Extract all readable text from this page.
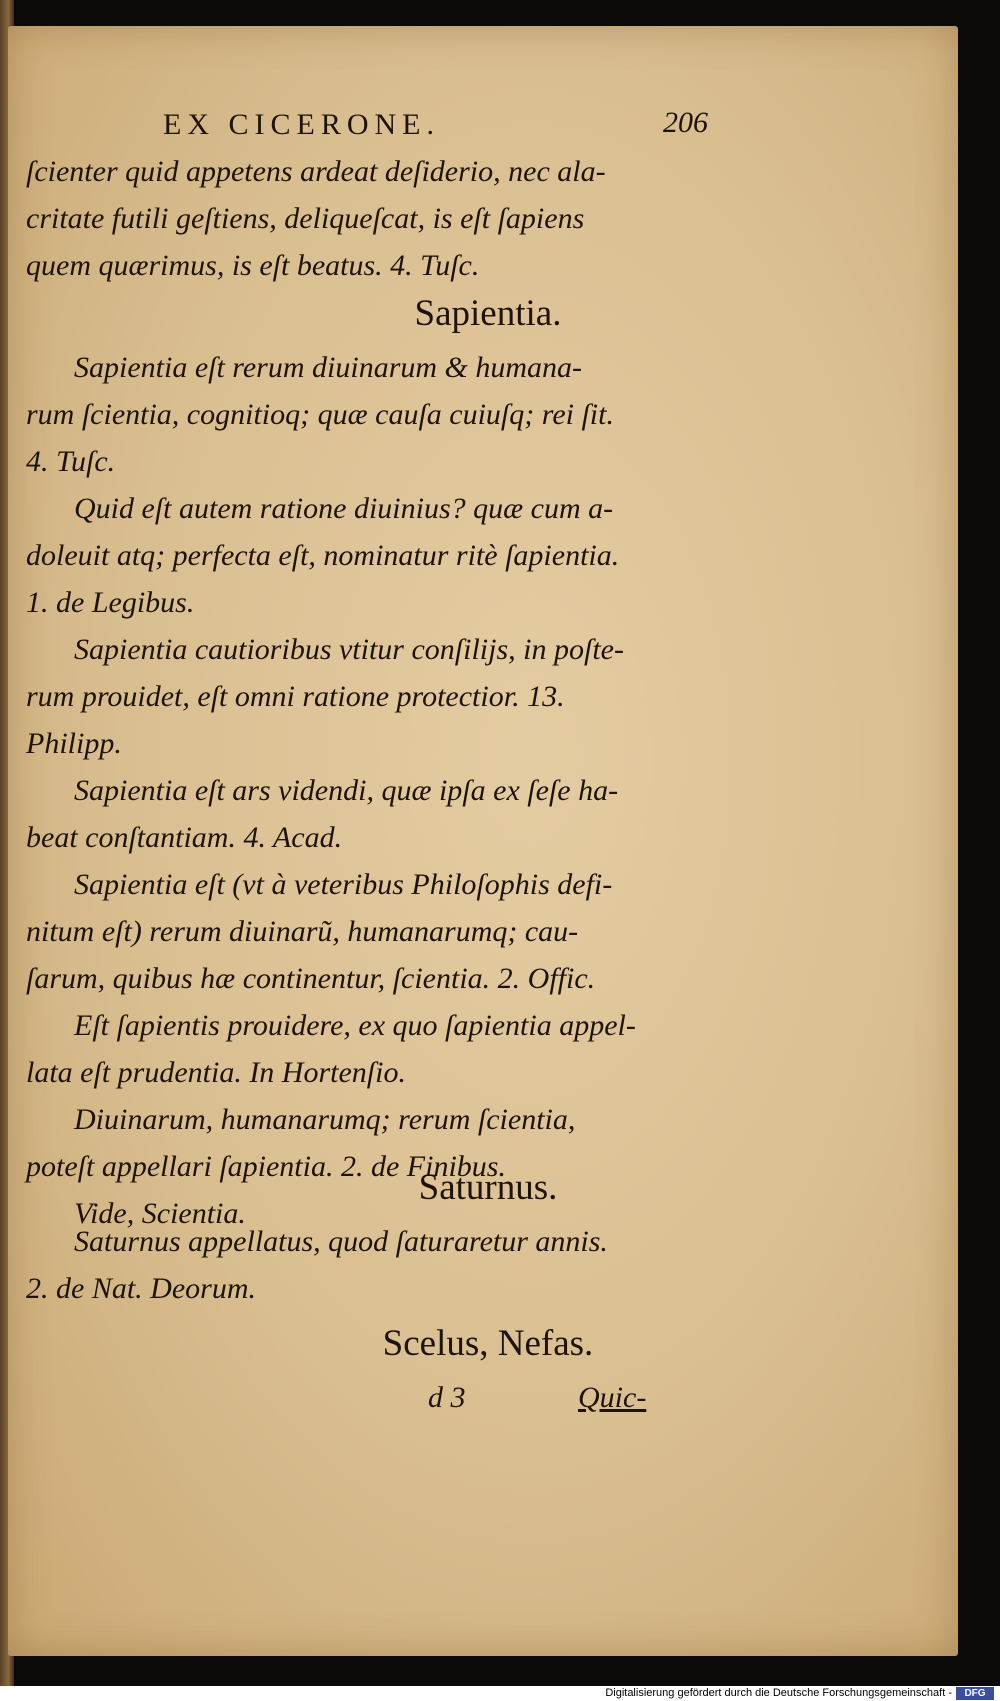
EX CICERONE.	206
ſcienter quid appetens ardeat deſiderio, nec ala-
critate futili geſtiens, deliqueſcat, is eſt ſapiens
quem quærimus, is eſt beatus. 4. Tuſc.
Sapientia.
Sapientia eſt rerum diuinarum & humana-
rum ſcientia, cognitioq; quæ cauſa cuiuſq; rei ſit.
4. Tuſc.
Quid eſt autem ratione diuinius? quæ cum a-
doleuit atq; perfecta eſt, nominatur ritè ſapientia.
1. de Legibus.
Sapientia cautioribus vtitur conſilijs, in poſte-
rum prouidet, eſt omni ratione protectior. 13.
Philipp.
Sapientia eſt ars videndi, quæ ipſa ex ſeſe ha-
beat conſtantiam. 4. Acad.
Sapientia eſt (vt à veteribus Philoſophis defi-
nitum eſt) rerum diuinarũ, humanarumq; cau-
ſarum, quibus hæ continentur, ſcientia. 2. Offic.
Eſt ſapientis prouidere, ex quo ſapientia appel-
lata eſt prudentia. In Hortenſio.
Diuinarum, humanarumq; rerum ſcientia,
poteſt appellari ſapientia. 2. de Finibus.
Vide, Scientia.
Saturnus.
Saturnus appellatus, quod ſaturaretur annis.
2. de Nat. Deorum.
Scelus, Nefas.
d 3	Quic-
Digitalisierung gefördert durch die Deutsche Forschungsgemeinschaft -	DFG
